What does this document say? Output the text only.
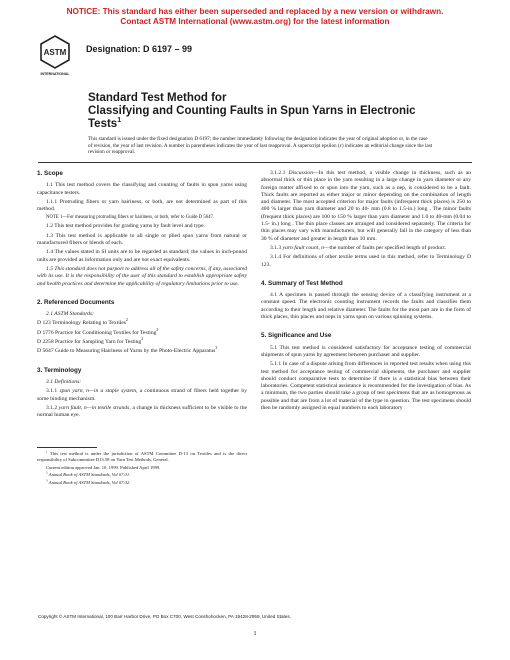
NOTICE: This standard has either been superseded and replaced by a new version or withdrawn.
Contact ASTM International (www.astm.org) for the latest information
ASTM
INTERNATIONAL
Designation: D 6197 – 99
Standard Test Method for
Classifying and Counting Faults in Spun Yarns in Electronic
Tests$^1$
This standard is issued under the fixed designation D 6197; the number immediately following the designation indicates the year of original adoption or, in the case of revision, the year of last revision. A number in parentheses indicates the year of last reapproval. A superscript epsilon (ε) indicates an editorial change since the last revision or reapproval.
1. Scope

1.1 This test method covers the classifying and counting of faults in spun yarns using capacitance testers.

1.1.1 Protruding fibers or yarn hairiness, or both, are not determined as part of this method.

NOTE 1—For measuring protruding fibers or hairiness, or both, refer to Guide D 5647.

1.2 This test method provides for grading yarns by fault level and type.

1.3 This test method is applicable to all single or plied spun yarns from natural or manufactured fibers or blends of each.

1.4 The values stated in SI units are to be regarded as standard; the values in inch-pound units are provided as information only and are not exact equivalents.

1.5 This standard does not purport to address all of the safety concerns, if any, associated with its use. It is the responsibility of the user of this standard to establish appropriate safety and health practices and determine the applicability of regulatory limitations prior to use.

2. Referenced Documents

2.1 ASTM Standards:

D 123 Terminology Relating to Textiles$^2$

D 1776 Practice for Conditioning Textiles for Testing$^2$

D 2258 Practice for Sampling Yarn for Testing$^2$

D 5647 Guide to Measuring Hairiness of Yarns by the Photo-Electric Apparatus$^3$

3. Terminology

3.1 Definitions:

3.1.1 spun yarn, n—in a staple system, a continuous strand of fibers held together by some binding mechanism.

3.1.2 yarn fault, n—in textile strands, a change in thickness sufficient to be visible to the normal human eye.

$^1$ This test method is under the jurisdiction of ASTM Committee D-13 on Textiles and is the direct responsibility of Subcommittee D13.58 on Yarn Test Methods, General.

Current edition approved Jan. 10, 1999. Published April 1999.

$^2$ Annual Book of ASTM Standards, Vol 07.01.

$^3$ Annual Book of ASTM Standards, Vol 07.02.

3.1.2.1 Discussion—In this test method, a visible change in thickness, such as an abnormal thick or thin place in the yarn resulting in a large change in yarn diameter or any foreign matter affixed to or spun into the yarn, such as a nep, is considered to be a fault. Thick faults are reported as either major or minor depending on the combination of length and diameter. The most accepted criterion for major faults (infrequent thick places) is 250 to 400 % larger than yarn diameter and 20 to 40- mm (0.8 to 1.5-in.) long . The minor faults (frequent thick places) are 100 to 150 % larger than yarn diameter and 1.0 to 40-mm (0.04 to 1.5- in.) long . The thin place classes are arranged and considered separately. The criteria for thin places may vary with manufacturers, but will generally fall in the category of less than 30 % of diameter and greater in length than 10 mm.

3.1.3 yarn fault count, n—the number of faults per specified length of product.

3.1.4 For definitions of other textile terms used in this method, refer to Terminology D 123.

4. Summary of Test Method

4.1 A specimen is passed through the sensing device of a classifying instrument at a constant speed. The electronic counting instrument records the faults and classifies them according to their length and relative diameter. The faults for the most part are in the form of thick places, thin places and neps in yarns spun on various spinning systems.

5. Significance and Use

5.1 This test method is considered satisfactory for acceptance testing of commercial shipments of spun yarns by agreement between purchaser and supplier.

5.1.1 In case of a dispute arising from differences in reported test results when using this test method for acceptance testing of commercial shipments, the purchaser and supplier should conduct comparative tests to determine if there is a statistical bias between their laboratories. Competent statistical assistance is recommended for the investigation of bias. As a minimum, the two parties should take a group of test specimens that are as homogenous as possible and that are from a lot of material of the type in question. The test specimens should then be randomly assigned in equal numbers to each laboratory

Copyright © ASTM International, 100 Barr Harbor Drive, PO Box C700, West Conshohocken, PA 19428-2959, United States.
1
